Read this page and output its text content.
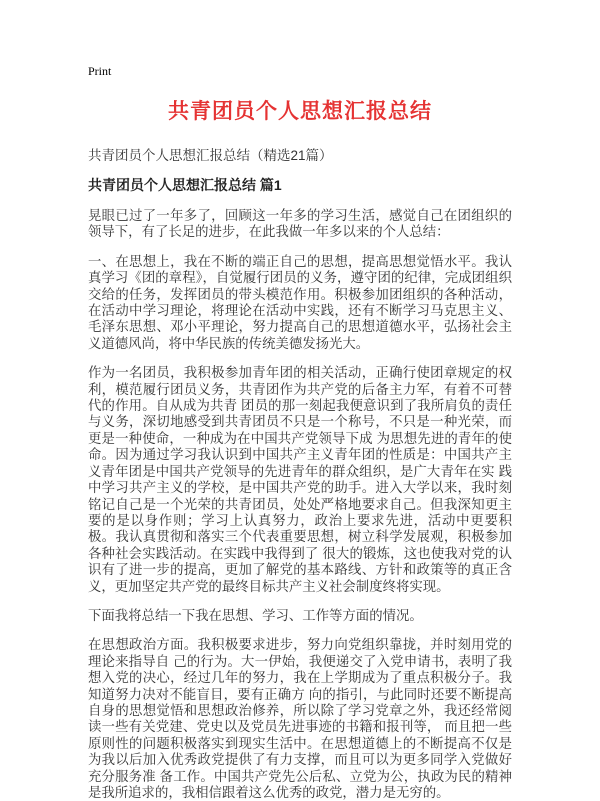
Print
共青团员个人思想汇报总结
共青团员个人思想汇报总结（精选21篇）
共青团员个人思想汇报总结 篇1

晃眼已过了一年多了，回顾这一年多的学习生活，感觉自己在团组织的领导下，有了长足的进步，在此我做一年多以来的个人总结：

一、在思想上，我在不断的端正自己的思想，提高思想觉悟水平。我认真学习《团的章程》，自觉履行团员的义务，遵守团的纪律，完成团组织交给的任务，发挥团员的带头模范作用。积极参加团组织的各种活动，在活动中学习理论，将理论在活动中实践，还有不断学习马克思主义、毛泽东思想、邓小平理论，努力提高自己的思想道德水平，弘扬社会主义道德风尚，将中华民族的传统美德发扬光大。

作为一名团员，我积极参加青年团的相关活动，正确行使团章规定的权利，模范履行团员义务，共青团作为共产党的后备主力军，有着不可替代的作用。自从成为共青 团员的那一刻起我便意识到了我所肩负的责任与义务，深切地感受到共青团员不只是一个称号，不只是一种光荣，而更是一种使命，一种成为在中国共产党领导下成 为思想先进的青年的使命。因为通过学习我认识到中国共产主义青年团的性质是：中国共产主义青年团是中国共产党领导的先进青年的群众组织，是广大青年在实 践中学习共产主义的学校，是中国共产党的助手。进入大学以来，我时刻铭记自己是一个光荣的共青团员，处处严格地要求自己。但我深知更主要的是以身作则；学习上认真努力，政治上要求先进，活动中更要积极。我认真贯彻和落实三个代表重要思想，树立科学发展观，积极参加各种社会实践活动。在实践中我得到了 很大的锻炼，这也使我对党的认识有了进一步的提高，更加了解党的基本路线、方针和政策等的真正含义，更加坚定共产党的最终目标共产主义社会制度终将实现。

下面我将总结一下我在思想、学习、工作等方面的情况。

在思想政治方面。我积极要求进步，努力向党组织靠拢，并时刻用党的理论来指导自 己的行为。大一伊始，我便递交了入党申请书，表明了我想入党的决心，经过几年的努力，我在上学期成为了重点积极分子。我知道努力决对不能盲目，要有正确方 向的指引，与此同时还要不断提高自身的思想觉悟和思想政治修养，所以除了学习党章之外，我还经常阅读一些有关党建、党史以及党员先进事迹的书籍和报刊等， 而且把一些原则性的问题积极落实到现实生活中。在思想道德上的不断提高不仅是为我以后加入优秀政党提供了有力支撑，而且可以为更多同学入党做好充分服务准 备工作。中国共产党先公后私、立党为公，执政为民的精神是我所追求的，我相信跟着这么优秀的政党，潜力是无穷的。
